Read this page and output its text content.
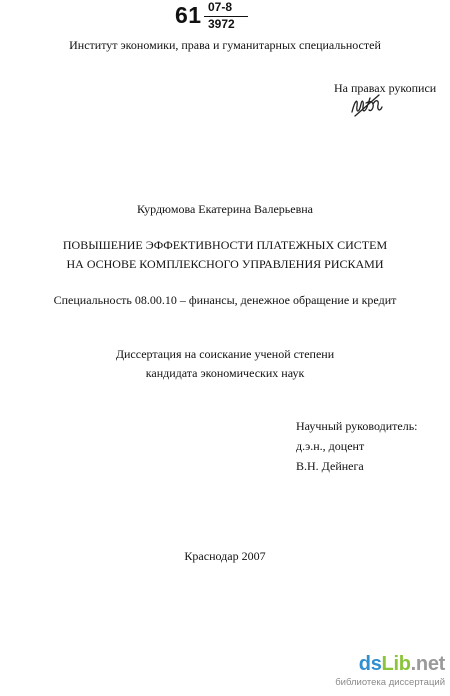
61 07-8
3972
Институт экономики, права и гуманитарных специальностей
На правах рукописи
Курдюмова Екатерина Валерьевна
ПОВЫШЕНИЕ ЭФФЕКТИВНОСТИ ПЛАТЕЖНЫХ СИСТЕМ
НА ОСНОВЕ КОМПЛЕКСНОГО УПРАВЛЕНИЯ РИСКАМИ
Специальность 08.00.10 – финансы, денежное обращение и кредит
Диссертация на соискание ученой степени
кандидата экономических наук
Научный руководитель:
д.э.н., доцент
В.Н. Дейнега
Краснодар 2007
dsLib.net
библиотека диссертаций
